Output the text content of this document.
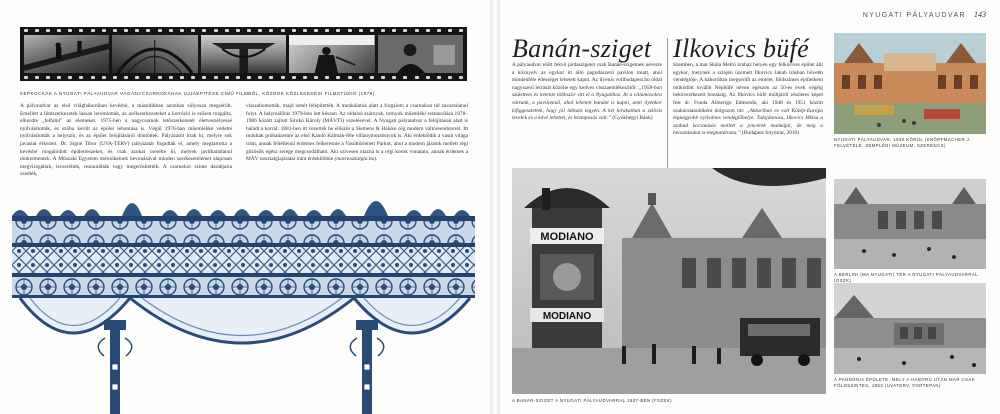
KÉPKOCKÁK A NYUGATI PÁLYAUDVAR VÁGÁNYCSARNOKÁNAK ÚJJÁÉPÍTÉSE CÍMŰ FILMBŐL, KÖZDOK KÖZLEKEDÉSI FILMSTÚDIÓ (1978)

A pályaudvar az első világháborúban kevésbé, a másodikban azonban súlyosan megsérült. Emellett a fémszerkezetek lassan leromlottak, az acélszerkezeteket a korrózió is erősen rongálta, elkezdte „felfalni” az elemeket. 1975-ben a nagycsarnok tetőszerkezetét életveszélyessé nyilvánították, és szóba került az épület lebontása is. Végül 1976-ban műemlékké védetté nyilvánították a helyszín, és az épület felújításáról döntöttek. Pályázatot írtak ki, melyre sok javaslat érkezett. Dr. Signé Tibor (UVA-TERV) pályázatát fogadták el, amely megtartotta a kevésbé rongálódott épületrészeket, és csak azokat cserélte ki, melyek javíthatatlanul tönkrementek. A Műszaki Egyetem mérnökeinek bevonásával minden szerkezetelemet alaposan megvizsgáltak, lecserélték, restaurálták vagy megerősítették. A csarnokot szinte darabjaira szedték,

visszabontották, majd ismét felépítették. A munkálatok alatt a forgalom a csarnokon túl zavartalanul folyt. A helyreállítás 1979-ben lett készen. Az oldalsó szárnyak, tornyok műemléki restaurálása 1978–1986 között zajlott Sirokó Károly (MÁVTI) vezetésével. A Nyugati pályaudvar a felújítások alatt is haladt a korral: 1881-ben itt vezették be először a Siemens & Halske cég modern váltóreendszerét. Itt indultak próbaüzemre az első Kandó Kálmán-féle villanymozdonyok is. Aki érdeklődik a vasút világa iránt, annak feltétlenül érdemes felkeresnie a Vasúttörténeti Parkot, ahol a modern járatok mellett régi gőzösök egész serege megcsodálható. Aki szívesen utazna is a régi korok vonatain, annak érdemes a MÁV nosztalgiajáratai iránt érdeklődnie (mavnosztalgia.hu).

NYUGATI PÁLYAUDVAR 143
Banán-sziget Ilkovics büfé

A pályaudvar előtt fekvő járdaszigetet csak Banán-szigetnek nevezte a köznyelv az egykor itt álló pagodaszerű pavilon miatt, ahol mindenféle édességet lehetett kapni. Az ilyenis vollbudapest.hu oldal nagyszerű leírását közölte egy kedves visszaemlékezőtől: „1958-ban születtem és hetente többször vitt el a Nyugatihoz. Itt a villamosokra vártunk, a pavilonnál, ahol lehetett banánt is kapni, amit ilyenkor kifiggesztettek, hogy jól látható legyen. A két kirakatban a szilvás levelek és a kávé lehetett, és kéztaposás volt.” (Gyökhegyi Bánk)

Szemben, a mai Skála Metró áruház helyén egy félkörives épület állt egykor, melynek a színjén üzemelt Ilkovics Jakab írásban bővebb vendéglője. A háborúban megsérült az emelet, földszintes épületként működött tovább Népbüfé néven egészen az 50-es évek végéig beköveztkezett bontásig. Az Ilkovics büfé múltjáról részletes képet fest dr. Fonda Almerigo Edmondo, aki 1948 és 1951 között szakácstanulóként dolgozott ott: „Akkoriban ez volt Közép-Európa legnagyobb nyilvános vendéglőhelye. Tulajdonosa, Ilkovics Miksa a szabad kocsmázás mellett a pincérek munkáját, de még a beosztásukat is meghatározta.” (Budapest folyóirat, 2010)

MODIANO
MODIANO
A BANÁN-SZIGET A NYUGATI PÁLYAUDVARRAL 1937-BEN (FSZEK)
NYUGATI PÁLYAUDVAR, 1930 KÖRÜL (KNÖPFMACHER J. FELVÉTELE, ZEMPLÉNI MÚZEUM, SZERENCS)
A BERLINI (MA NYUGATI) TÉR A NYUGATI PÁLYAUDVARRAL (OSZK)
A PANNÓNIA ÉPÜLETE, MELY A HÁBORÚ UTÁN MÁR CSAK FÖLDSZINTES, 1953 (UVATERV, FORTEPAN)
